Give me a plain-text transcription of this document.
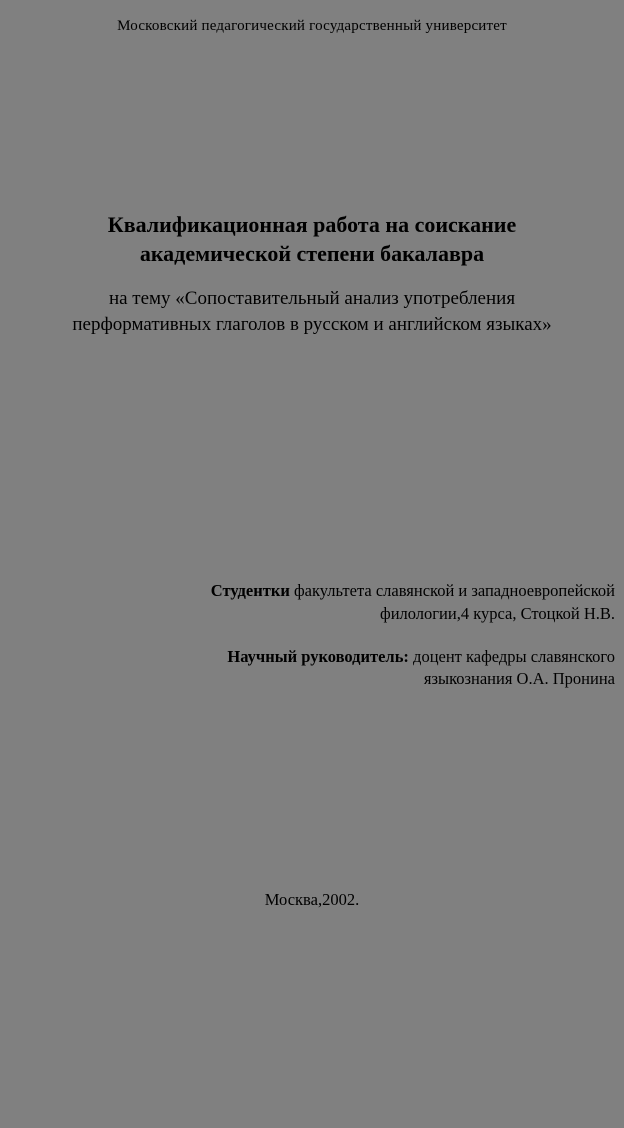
Московский педагогический государственный университет
Квалификационная работа на соискание
академической степени бакалавра
на тему «Сопоставительный анализ употребления перформативных глаголов в русском и английском языках»
Студентки факультета славянской и западноевропейской филологии,4 курса, Стоцкой Н.В.
Научный руководитель: доцент кафедры славянского языкознания О.А. Пронина
Москва,2002.
